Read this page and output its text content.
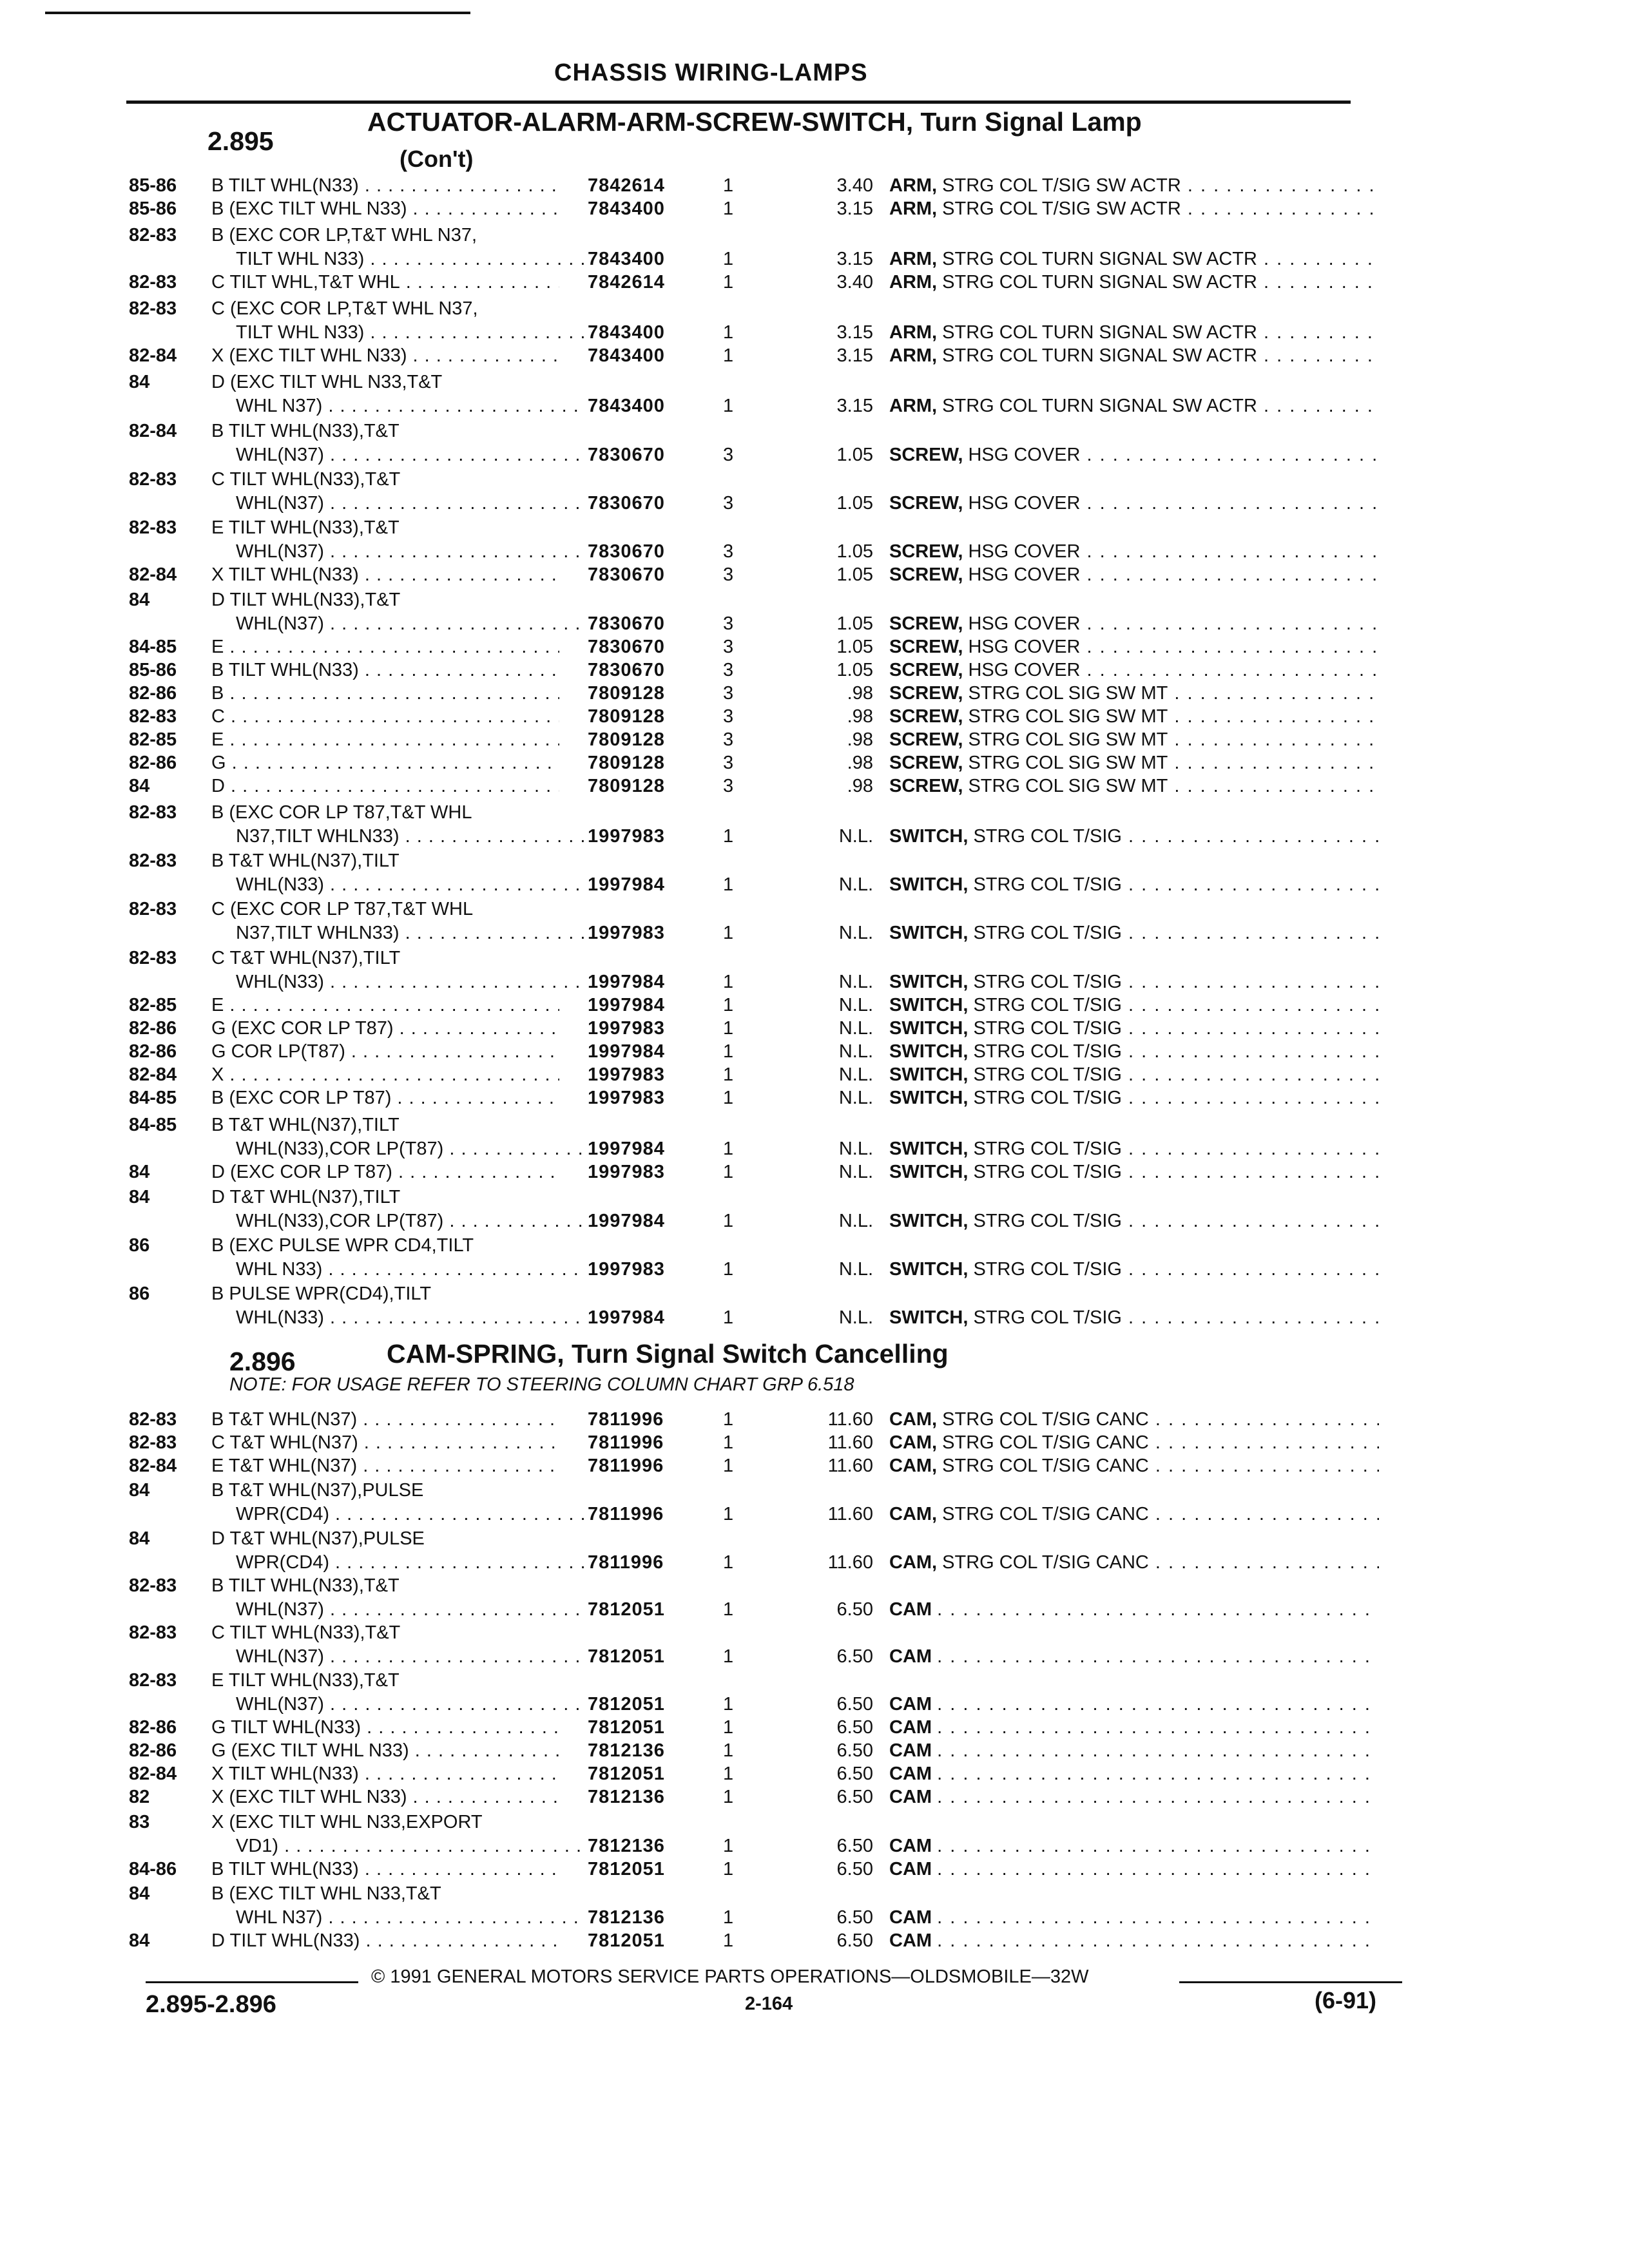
CHASSIS WIRING-LAMPS
2.895
ACTUATOR-ALARM-ARM-SCREW-SWITCH, Turn Signal Lamp
(Con't)
85-86 B TILT WHL(N33) . . .	7842614	1	3.40 ARM, STRG COL T/SIG SW ACTR . . .
85-86 B (EXC TILT WHL N33) . . .	7843400	1	3.15 ARM, STRG COL T/SIG SW ACTR . . .
82-83 B (EXC COR LP,T&T WHL N37,
TILT WHL N33) . . .	7843400	1	3.15 ARM, STRG COL TURN SIGNAL SW ACTR . . .
82-83 C TILT WHL,T&T WHL . . .	7842614	1	3.40 ARM, STRG COL TURN SIGNAL SW ACTR . . .
82-83 C (EXC COR LP,T&T WHL N37,
TILT WHL N33) . . .	7843400	1	3.15 ARM, STRG COL TURN SIGNAL SW ACTR . . .
82-84 X (EXC TILT WHL N33) . . .	7843400	1	3.15 ARM, STRG COL TURN SIGNAL SW ACTR . . .
84	D (EXC TILT WHL N33,T&T
WHL N37) . . .	7843400	1	3.15 ARM, STRG COL TURN SIGNAL SW ACTR . . .
82-84 B TILT WHL(N33),T&T
WHL(N37) . . .	7830670	3	1.05 SCREW, HSG COVER . . .
82-83 C TILT WHL(N33),T&T
WHL(N37) . . .	7830670	3	1.05 SCREW, HSG COVER . . .
82-83 E TILT WHL(N33),T&T
WHL(N37) . . .	7830670	3	1.05 SCREW, HSG COVER . . .
82-84 X TILT WHL(N33) . . .	7830670	3	1.05 SCREW, HSG COVER . . .
84	D TILT WHL(N33),T&T
WHL(N37) . . .	7830670	3	1.05 SCREW, HSG COVER . . .
84-85 E . . .	7830670	3	1.05 SCREW, HSG COVER . . .
85-86 B TILT WHL(N33) . . .	7830670	3	1.05 SCREW, HSG COVER . . .
82-86 B . . .	7809128	3	.98 SCREW, STRG COL SIG SW MT . . .
82-83 C . . .	7809128	3	.98 SCREW, STRG COL SIG SW MT . . .
82-85 E . . .	7809128	3	.98 SCREW, STRG COL SIG SW MT . . .
82-86 G . . .	7809128	3	.98 SCREW, STRG COL SIG SW MT . . .
84	D . . .	7809128	3	.98 SCREW, STRG COL SIG SW MT . . .
82-83 B (EXC COR LP T87,T&T WHL
N37,TILT WHLN33) . . .	1997983	1	N.L. SWITCH, STRG COL T/SIG . . .
82-83 B T&T WHL(N37),TILT
WHL(N33) . . .	1997984	1	N.L. SWITCH, STRG COL T/SIG . . .
82-83 C (EXC COR LP T87,T&T WHL
N37,TILT WHLN33) . . .	1997983	1	N.L. SWITCH, STRG COL T/SIG . . .
82-83 C T&T WHL(N37),TILT
WHL(N33) . . .	1997984	1	N.L. SWITCH, STRG COL T/SIG . . .
82-85 E . . .	1997984	1	N.L. SWITCH, STRG COL T/SIG . . .
82-86 G (EXC COR LP T87) . . .	1997983	1	N.L. SWITCH, STRG COL T/SIG . . .
82-86 G COR LP(T87) . . .	1997984	1	N.L. SWITCH, STRG COL T/SIG . . .
82-84 X . . .	1997983	1	N.L. SWITCH, STRG COL T/SIG . . .
84-85 B (EXC COR LP T87) . . .	1997983	1	N.L. SWITCH, STRG COL T/SIG . . .
84-85 B T&T WHL(N37),TILT
WHL(N33),COR LP(T87) . . .	1997984	1	N.L. SWITCH, STRG COL T/SIG . . .
84	D (EXC COR LP T87) . . .	1997983	1	N.L. SWITCH, STRG COL T/SIG . . .
84	D T&T WHL(N37),TILT
WHL(N33),COR LP(T87) . . .	1997984	1	N.L. SWITCH, STRG COL T/SIG . . .
86	B (EXC PULSE WPR CD4,TILT
WHL N33) . . .	1997983	1	N.L. SWITCH, STRG COL T/SIG . . .
86	B PULSE WPR(CD4),TILT
WHL(N33) . . .	1997984	1	N.L. SWITCH, STRG COL T/SIG . . .
82-83 B T&T WHL(N37) . . .	7811996	1	11.60 CAM, STRG COL T/SIG CANC . . .
82-83 C T&T WHL(N37) . . .	7811996	1	11.60 CAM, STRG COL T/SIG CANC . . .
82-84 E T&T WHL(N37) . . .	7811996	1	11.60 CAM, STRG COL T/SIG CANC . . .
84	B T&T WHL(N37),PULSE
WPR(CD4) . . .	7811996	1	11.60 CAM, STRG COL T/SIG CANC . . .
84	D T&T WHL(N37),PULSE
WPR(CD4) . . .	7811996	1	11.60 CAM, STRG COL T/SIG CANC . . .
82-83 B TILT WHL(N33),T&T
WHL(N37) . . .	7812051	1	6.50 CAM . . .
82-83 C TILT WHL(N33),T&T
WHL(N37) . . .	7812051	1	6.50 CAM . . .
82-83 E TILT WHL(N33),T&T
WHL(N37) . . .	7812051	1	6.50 CAM . . .
82-86 G TILT WHL(N33) . . .	7812051	1	6.50 CAM . . .
82-86 G (EXC TILT WHL N33) . . .	7812136	1	6.50 CAM . . .
82-84 X TILT WHL(N33) . . .	7812051	1	6.50 CAM . . .
82	X (EXC TILT WHL N33) . . .	7812136	1	6.50 CAM . . .
83	X (EXC TILT WHL N33,EXPORT
VD1) . . .	7812136	1	6.50 CAM . . .
84-86 B TILT WHL(N33) . . .	7812051	1	6.50 CAM . . .
84	B (EXC TILT WHL N33,T&T
WHL N37) . . .	7812136	1	6.50 CAM . . .
84	D TILT WHL(N33) . . .	7812051	1	6.50 CAM . . .
2.896	CAM-SPRING, Turn Signal Switch Cancelling
NOTE: FOR USAGE REFER TO STEERING COLUMN CHART GRP 6.518
© 1991 GENERAL MOTORS SERVICE PARTS OPERATIONS—OLDSMOBILE—32W
2.895-2.896	2-164	(6-91)
